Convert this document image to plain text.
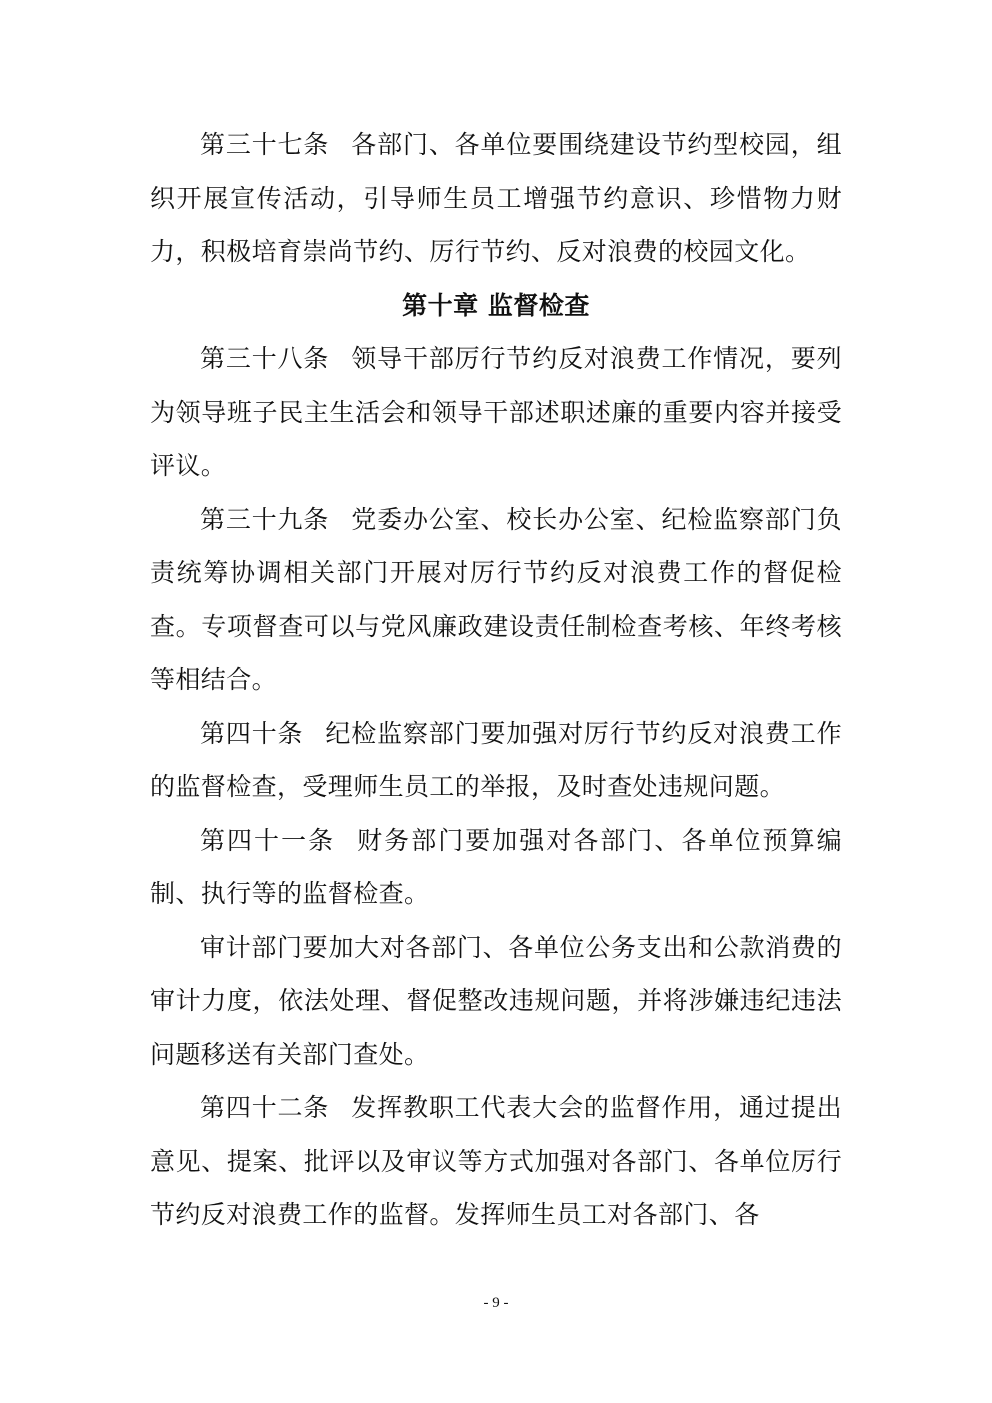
第三十七条 各部门、各单位要围绕建设节约型校园，组织开展宣传活动，引导师生员工增强节约意识、珍惜物力财力，积极培育崇尚节约、厉行节约、反对浪费的校园文化。

第十章 监督检查

第三十八条 领导干部厉行节约反对浪费工作情况，要列为领导班子民主生活会和领导干部述职述廉的重要内容并接受评议。

第三十九条 党委办公室、校长办公室、纪检监察部门负责统筹协调相关部门开展对厉行节约反对浪费工作的督促检查。专项督查可以与党风廉政建设责任制检查考核、年终考核等相结合。

第四十条 纪检监察部门要加强对厉行节约反对浪费工作的监督检查，受理师生员工的举报，及时查处违规问题。

第四十一条 财务部门要加强对各部门、各单位预算编制、执行等的监督检查。

审计部门要加大对各部门、各单位公务支出和公款消费的审计力度，依法处理、督促整改违规问题，并将涉嫌违纪违法问题移送有关部门查处。

第四十二条 发挥教职工代表大会的监督作用，通过提出意见、提案、批评以及审议等方式加强对各部门、各单位厉行节约反对浪费工作的监督。发挥师生员工对各部门、各

- 9 -
